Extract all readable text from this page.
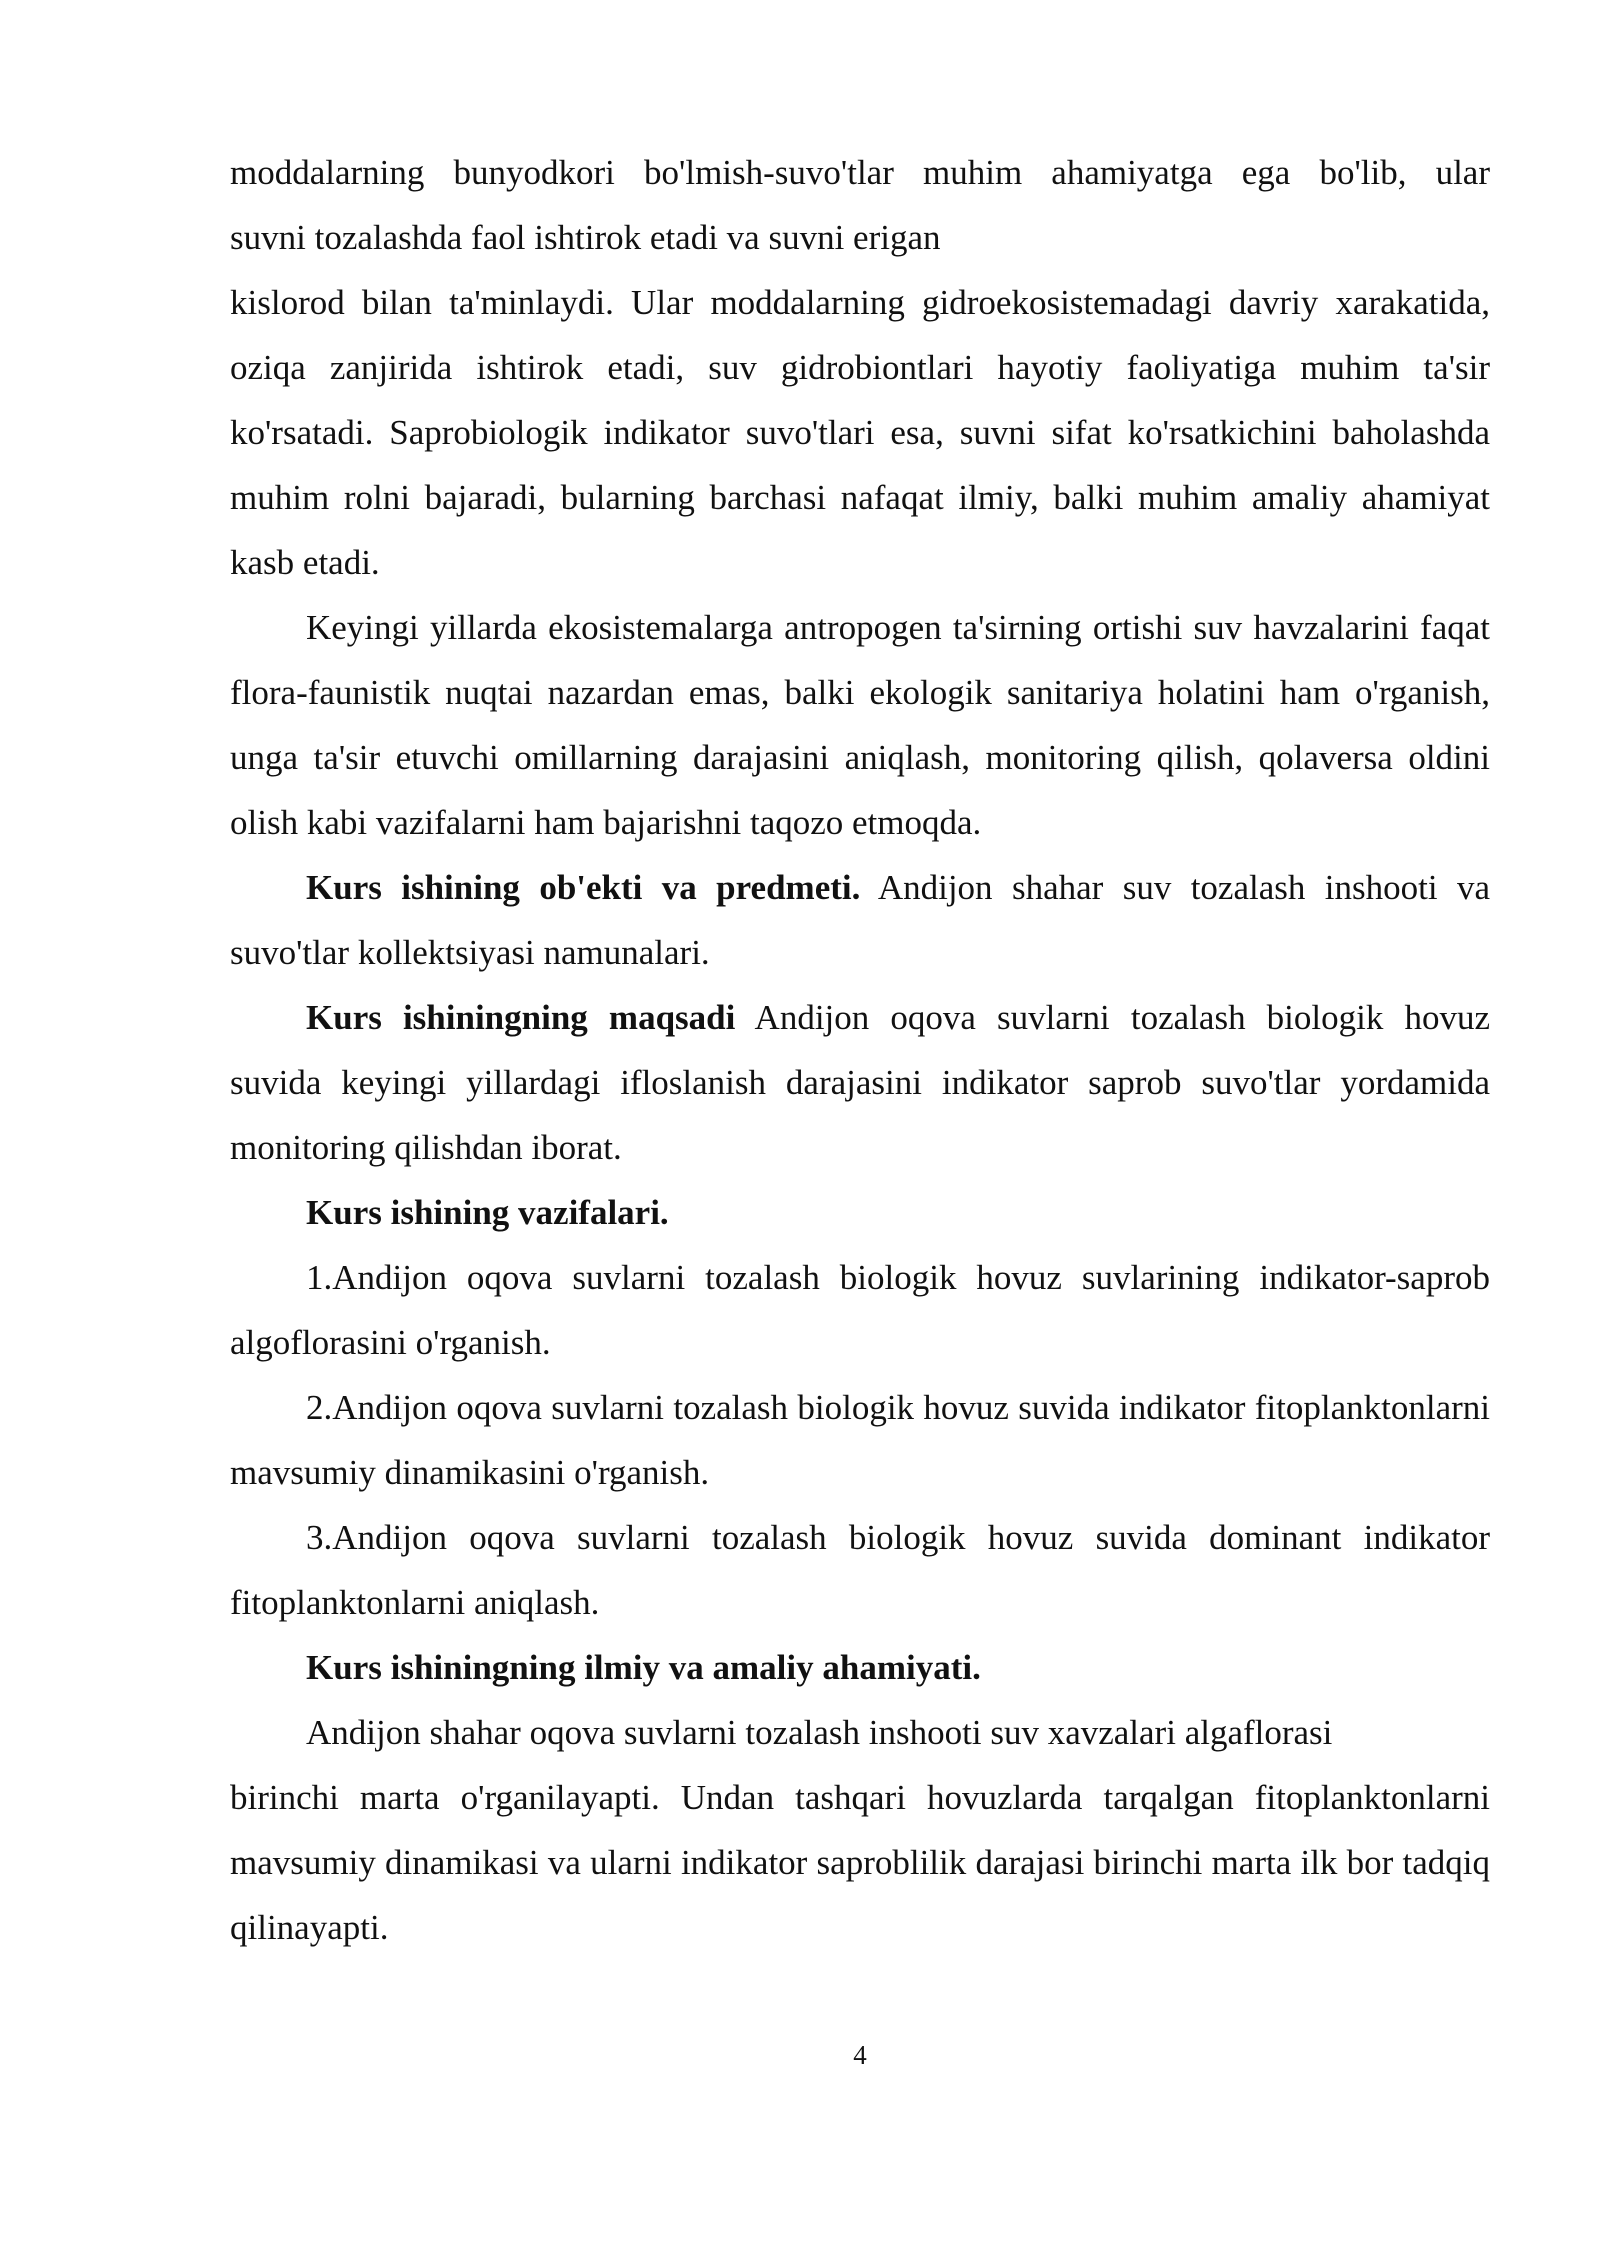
moddalarning bunyodkori bo'lmish-suvo'tlar muhim ahamiyatga ega bo'lib, ular
suvni tozalashda faol ishtirok etadi va suvni erigan

kislorod bilan ta'minlaydi. Ular moddalarning gidroekosistemadagi davriy xarakatida, oziqa zanjirida ishtirok etadi, suv gidrobiontlari hayotiy faoliyatiga muhim ta'sir ko'rsatadi. Saprobiologik indikator suvo'tlari esa, suvni sifat ko'rsatkichini baholashda muhim rolni bajaradi, bularning barchasi nafaqat ilmiy, balki muhim amaliy ahamiyat kasb etadi.

Keyingi yillarda ekosistemalarga antropogen ta'sirning ortishi suv havzalarini faqat flora-faunistik nuqtai nazardan emas, balki ekologik sanitariya holatini ham o'rganish, unga ta'sir etuvchi omillarning darajasini aniqlash, monitoring qilish, qolaversa oldini olish kabi vazifalarni ham bajarishni taqozo etmoqda.

Kurs ishining ob'ekti va predmeti. Andijon shahar suv tozalash inshooti va suvo'tlar kollektsiyasi namunalari.

Kurs ishiningning maqsadi Andijon oqova suvlarni tozalash biologik hovuz suvida keyingi yillardagi ifloslanish darajasini indikator saprob suvo'tlar yordamida monitoring qilishdan iborat.

Kurs ishining vazifalari.

1.Andijon oqova suvlarni tozalash biologik hovuz suvlarining indikator-saprob algoflorasini o'rganish.

2.Andijon oqova suvlarni tozalash biologik hovuz suvida indikator fitoplanktonlarni mavsumiy dinamikasini o'rganish.

3.Andijon oqova suvlarni tozalash biologik hovuz suvida dominant indikator fitoplanktonlarni aniqlash.

Kurs ishiningning ilmiy va amaliy ahamiyati.

Andijon shahar oqova suvlarni tozalash inshooti suv xavzalari algaflorasi

birinchi marta o'rganilayapti. Undan tashqari hovuzlarda tarqalgan fitoplanktonlarni mavsumiy dinamikasi va ularni indikator saproblilik darajasi birinchi marta ilk bor tadqiq qilinayapti.

4
